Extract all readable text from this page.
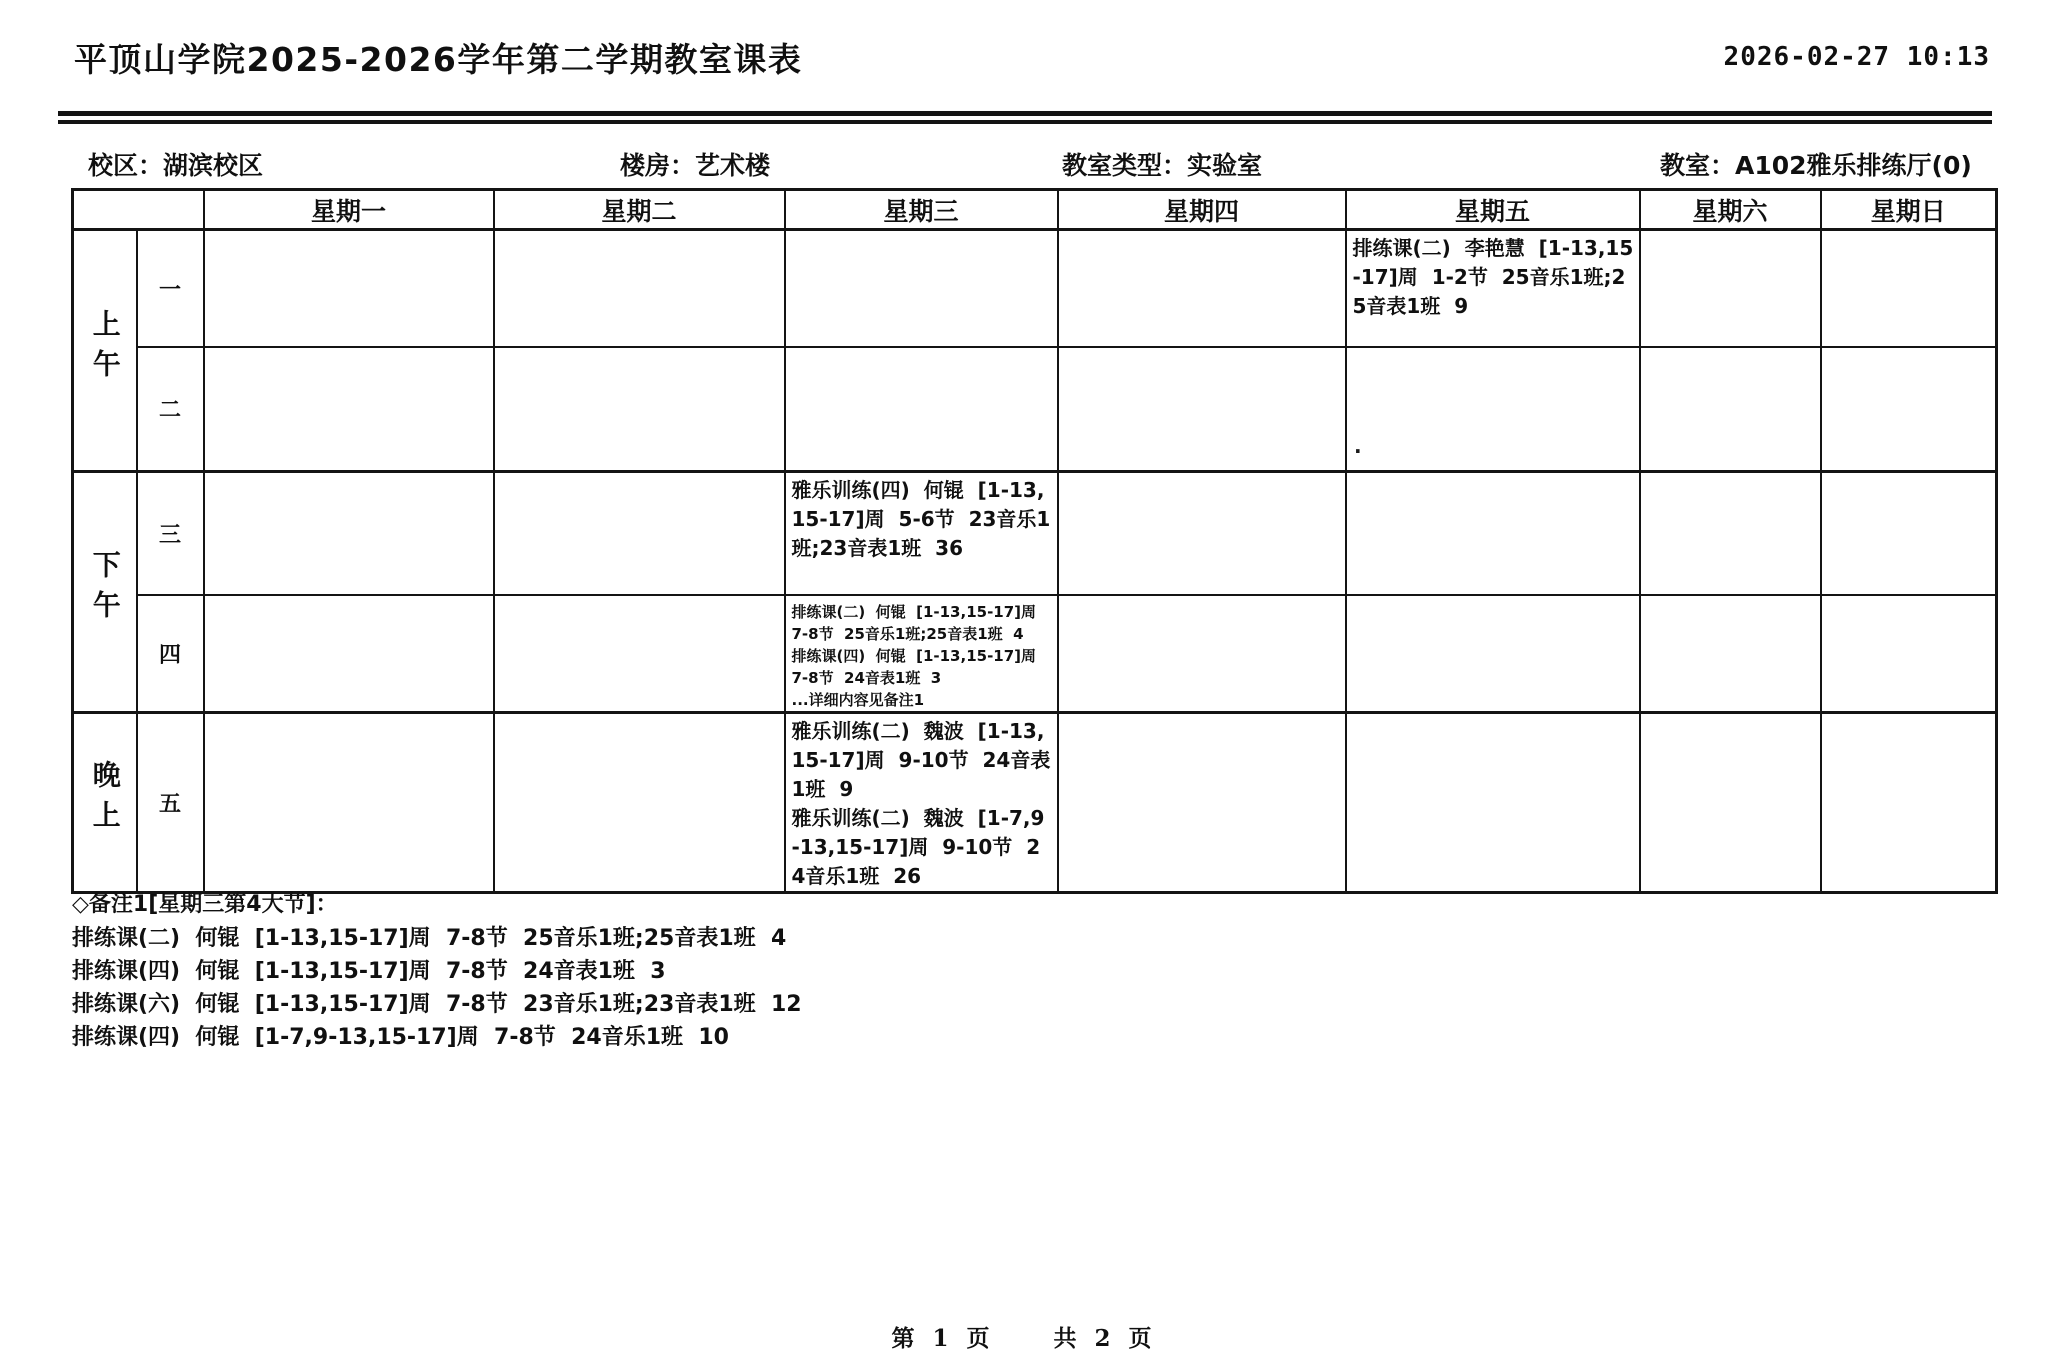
平顶山学院2025-2026学年第二学期教室课表	2026-02-27 10:13
校区：湖滨校区	楼房：艺术楼	教室类型：实验室	教室：A102雅乐排练厅(0)
		星期一	星期二	星期三	星期四	星期五	星期六	星期日
上午	一					排练课(二)  李艳慧  [1-13,15-17]周  1-2节  25音乐1班;25音表1班  9		

	二							
下午	三			雅乐训练(四)  何锟  [1-13,15-17]周  5-6节  23音乐1班;23音表1班  36				

	四			排练课(二)  何锟  [1-13,15-17]周  7-8节  25音乐1班;25音表1班  4
排练课(四)  何锟  [1-13,15-17]周  7-8节  24音表1班  3
...详细内容见备注1				

晚上	五			雅乐训练(二)  魏波  [1-13,15-17]周  9-10节  24音表1班  9
雅乐训练(二)  魏波  [1-7,9-13,15-17]周  9-10节  24音乐1班  26				

.
◇备注1[星期三第4大节]：
排练课(二)  何锟  [1-13,15-17]周  7-8节  25音乐1班;25音表1班  4
排练课(四)  何锟  [1-13,15-17]周  7-8节  24音表1班  3
排练课(六)  何锟  [1-13,15-17]周  7-8节  23音乐1班;23音表1班  12
排练课(四)  何锟  [1-7,9-13,15-17]周  7-8节  24音乐1班  10
第 1 页	共 2 页
